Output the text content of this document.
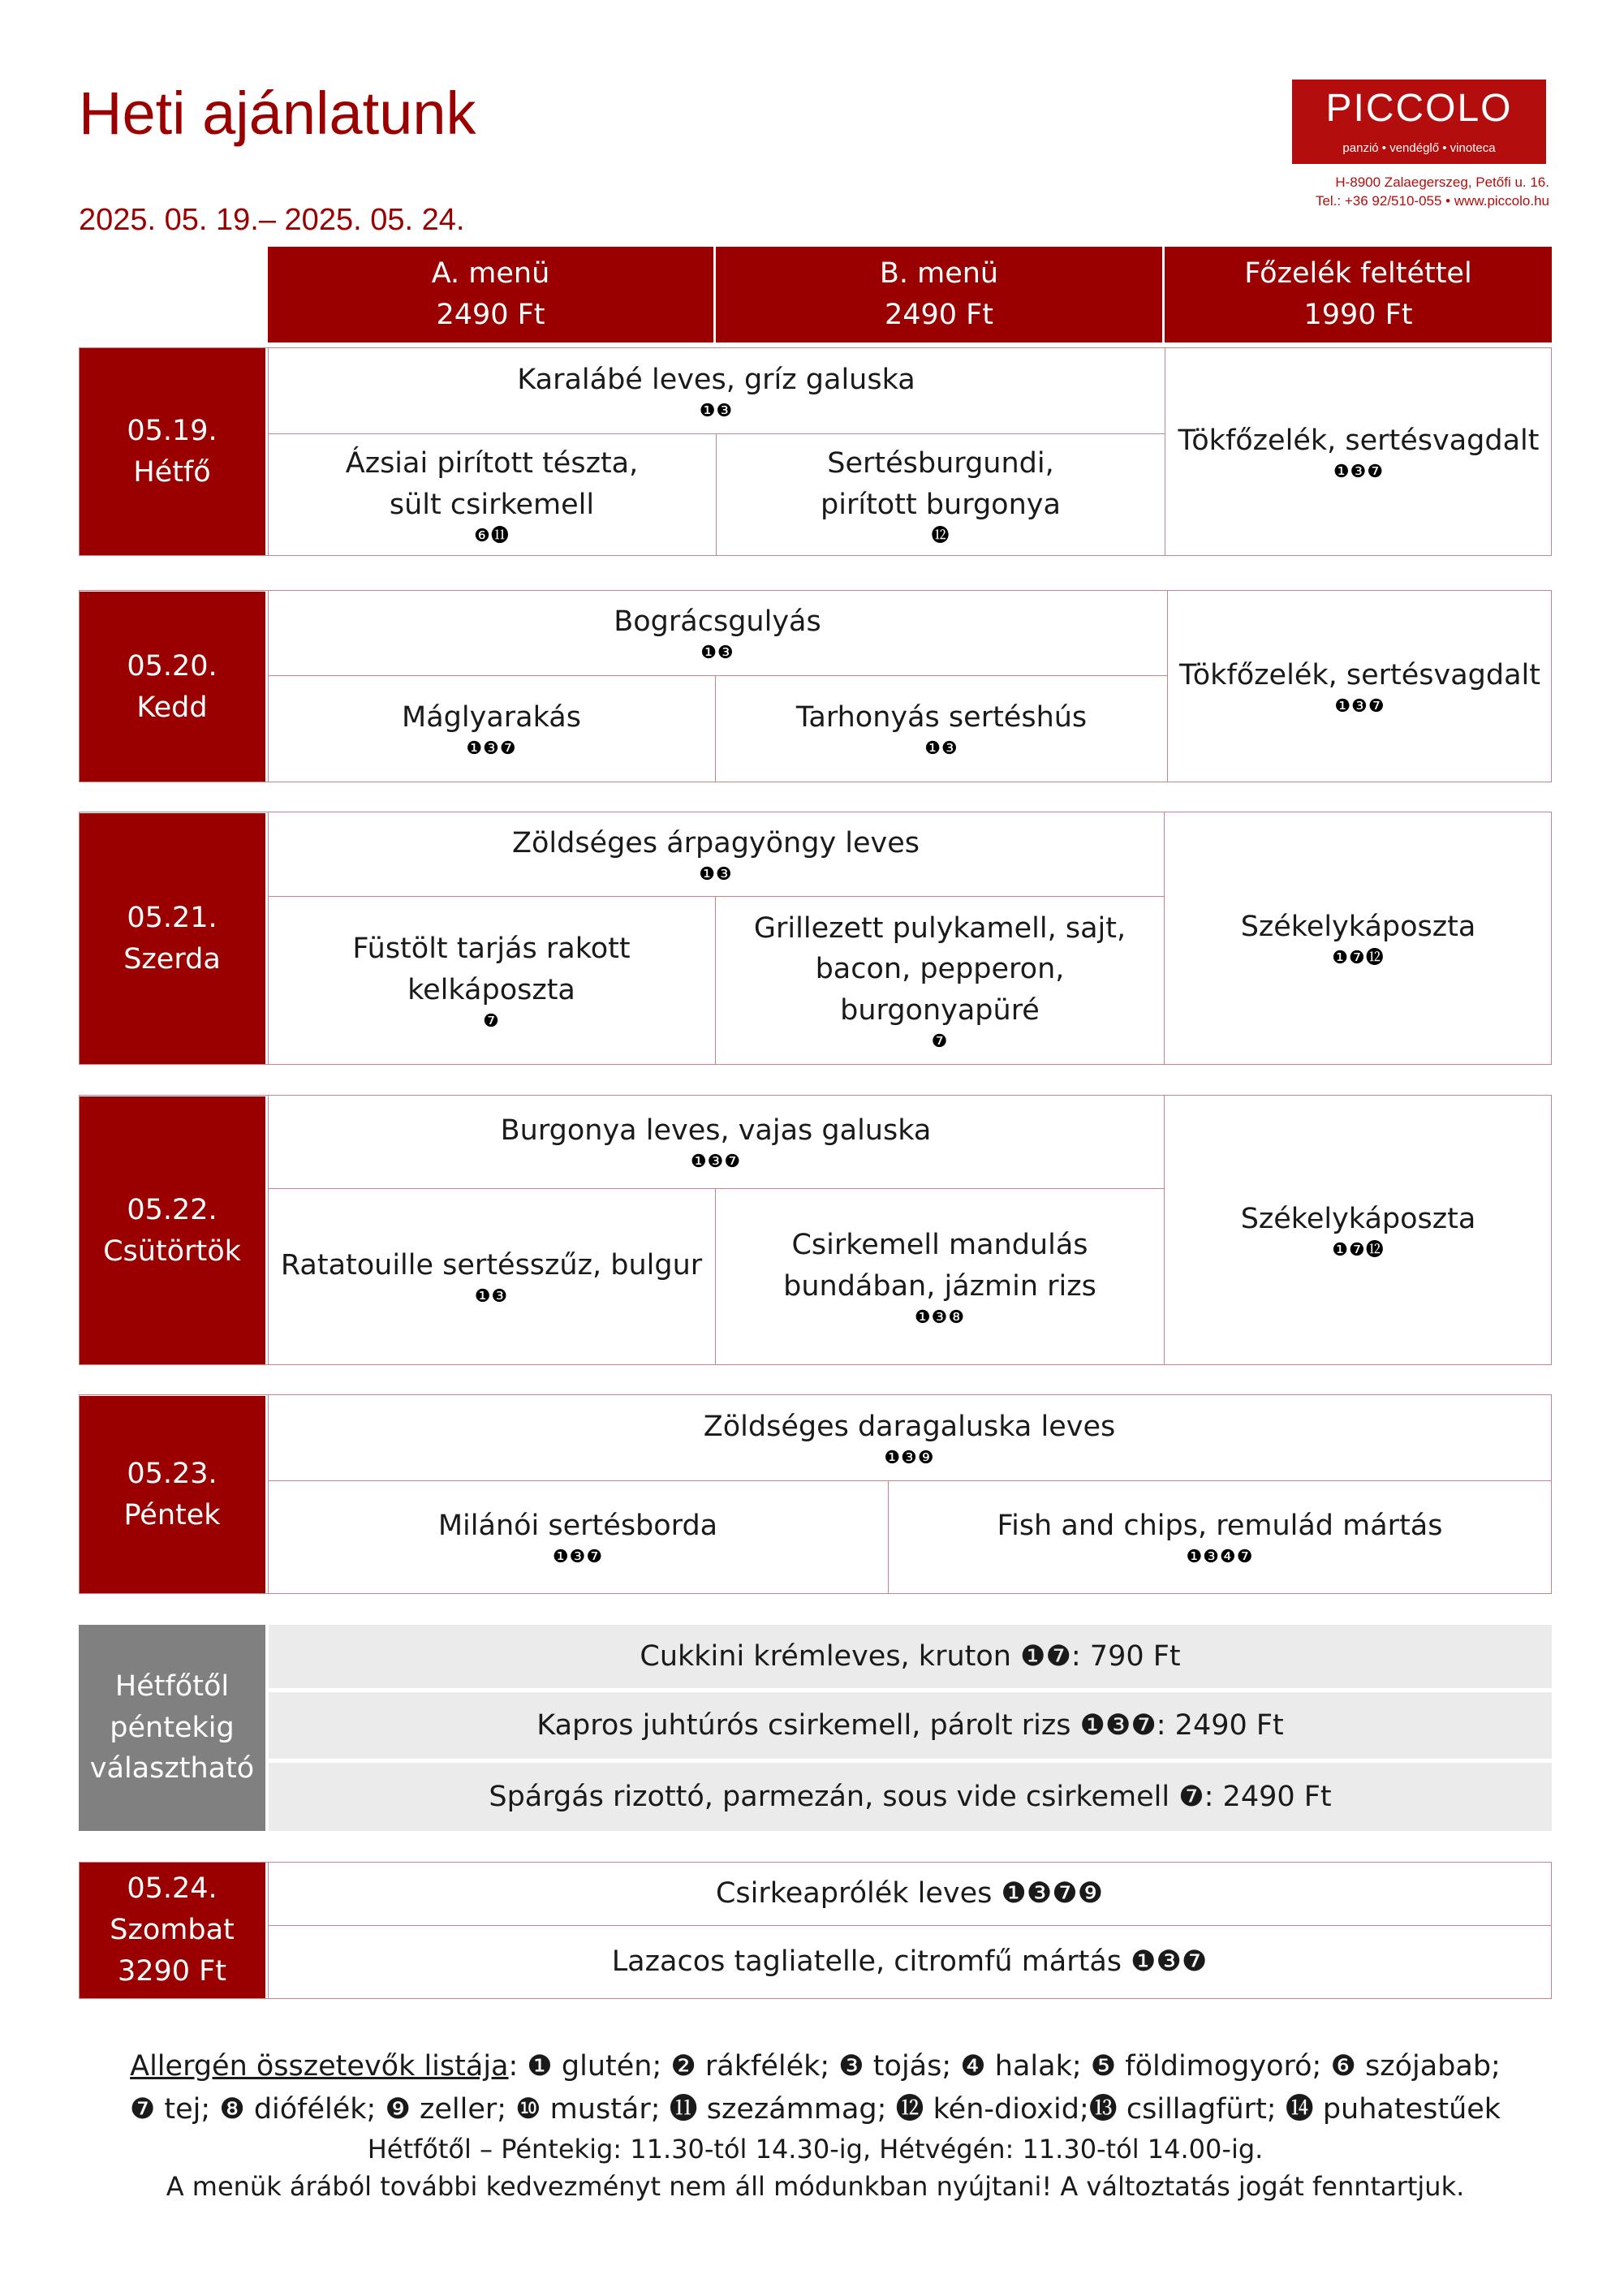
Heti ajánlatunk
2025. 05. 19.– 2025. 05. 24.
PICCOLO
panzió • vendéglő • vinoteca
H-8900 Zalaegerszeg, Petőfi u. 16.
Tel.: +36 92/510-055 • www.piccolo.hu
A. menü
2490 Ft
B. menü
2490 Ft
Főzelék feltéttel
1990 Ft
05.19.
Hétfő
Karalábé leves, gríz galuska
❶❸
Ázsiai pirított tészta,
sült csirkemell
❻⓫
Sertésburgundi,
pirított burgonya
⓬
Tökfőzelék, sertésvagdalt
❶❸❼
05.20.
Kedd
Bográcsgulyás
❶❸
Máglyarakás
❶❸❼
Tarhonyás sertéshús
❶❸
Tökfőzelék, sertésvagdalt
❶❸❼
05.21.
Szerda
Zöldséges árpagyöngy leves
❶❸
Füstölt tarjás rakott
kelkáposzta
❼
Grillezett pulykamell, sajt,
bacon, pepperon,
burgonyapüré
❼
Székelykáposzta
❶❼⓬
05.22.
Csütörtök
Burgonya leves, vajas galuska
❶❸❼
Ratatouille sertésszűz, bulgur
❶❸
Csirkemell mandulás
bundában, jázmin rizs
❶❸❽
Székelykáposzta
❶❼⓬
05.23.
Péntek
Zöldséges daragaluska leves
❶❸❾
Milánói sertésborda
❶❸❼
Fish and chips, remulád mártás
❶❸❹❼
Hétfőtől
péntekig
választható
Cukkini krémleves, kruton
❶❼ : 790 Ft
Kapros juhtúrós csirkemell, párolt rizs
❶❸❼ : 2490 Ft
Spárgás rizottó, parmezán, sous vide csirkemell
❼ : 2490 Ft
05.24.
Szombat
3290 Ft
Csirkeaprólék leves
❶❸❼❾
Lazacos tagliatelle, citromfű mártás
❶❸❼
Allergén összetevők listája: ❶ glutén; ❷ rákfélék; ❸ tojás; ❹ halak; ❺ földimogyoró; ❻ szójabab;
❼ tej; ❽ diófélék; ❾ zeller; ❿ mustár; ⓫ szezámmag; ⓬ kén-dioxid;⓭ csillagfürt; ⓮ puhatestűek
Hétfőtől – Péntekig: 11.30-tól 14.30-ig, Hétvégén: 11.30-tól 14.00-ig.
A menük árából további kedvezményt nem áll módunkban nyújtani! A változtatás jogát fenntartjuk.
